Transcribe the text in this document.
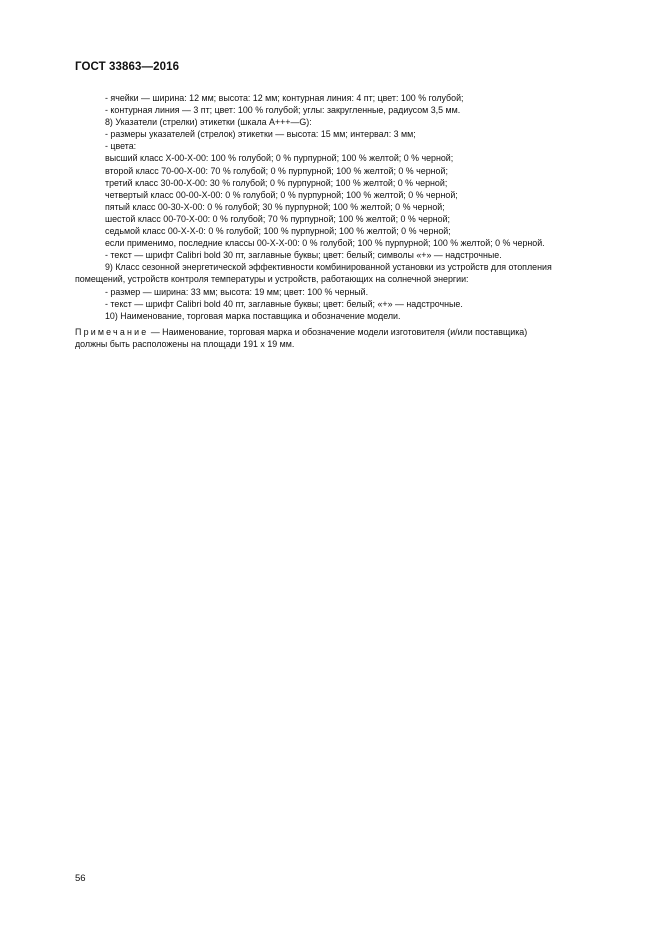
ГОСТ 33863—2016
- ячейки — ширина: 12 мм; высота: 12 мм; контурная линия: 4 пт; цвет: 100 % голубой;
- контурная линия — 3 пт; цвет: 100 % голубой; углы: закругленные, радиусом 3,5 мм.
8) Указатели (стрелки) этикетки (шкала А+++—G):
- размеры указателей (стрелок) этикетки — высота: 15 мм; интервал: 3 мм;
- цвета:
высший класс Х-00-Х-00: 100 % голубой; 0 % пурпурной; 100 % желтой; 0 % черной;
второй класс 70-00-Х-00: 70 % голубой; 0 % пурпурной; 100 % желтой; 0 % черной;
третий класс 30-00-Х-00: 30 % голубой; 0 % пурпурной; 100 % желтой; 0 % черной;
четвертый класс 00-00-Х-00: 0 % голубой; 0 % пурпурной; 100 % желтой; 0 % черной;
пятый класс 00-30-Х-00: 0 % голубой; 30 % пурпурной; 100 % желтой; 0 % черной;
шестой класс 00-70-Х-00: 0 % голубой; 70 % пурпурной; 100 % желтой; 0 % черной;
седьмой класс 00-Х-Х-0: 0 % голубой; 100 % пурпурной; 100 % желтой; 0 % черной;
если применимо, последние классы 00-Х-Х-00: 0 % голубой; 100 % пурпурной; 100 % желтой; 0 % черной.
- текст — шрифт Calibri bold 30 пт, заглавные буквы; цвет: белый; символы «+» — надстрочные.
9) Класс сезонной энергетической эффективности комбинированной установки из устройств для отопления
помещений, устройств контроля температуры и устройств, работающих на солнечной энергии:
- размер — ширина: 33 мм; высота: 19 мм; цвет: 100 % черный.
- текст — шрифт Calibri bold 40 пт, заглавные буквы; цвет: белый; «+» — надстрочные.
10) Наименование, торговая марка поставщика и обозначение модели.
Примечание — Наименование, торговая марка и обозначение модели изготовителя (и/или поставщика)
должны быть расположены на площади 191 х 19 мм.
56
